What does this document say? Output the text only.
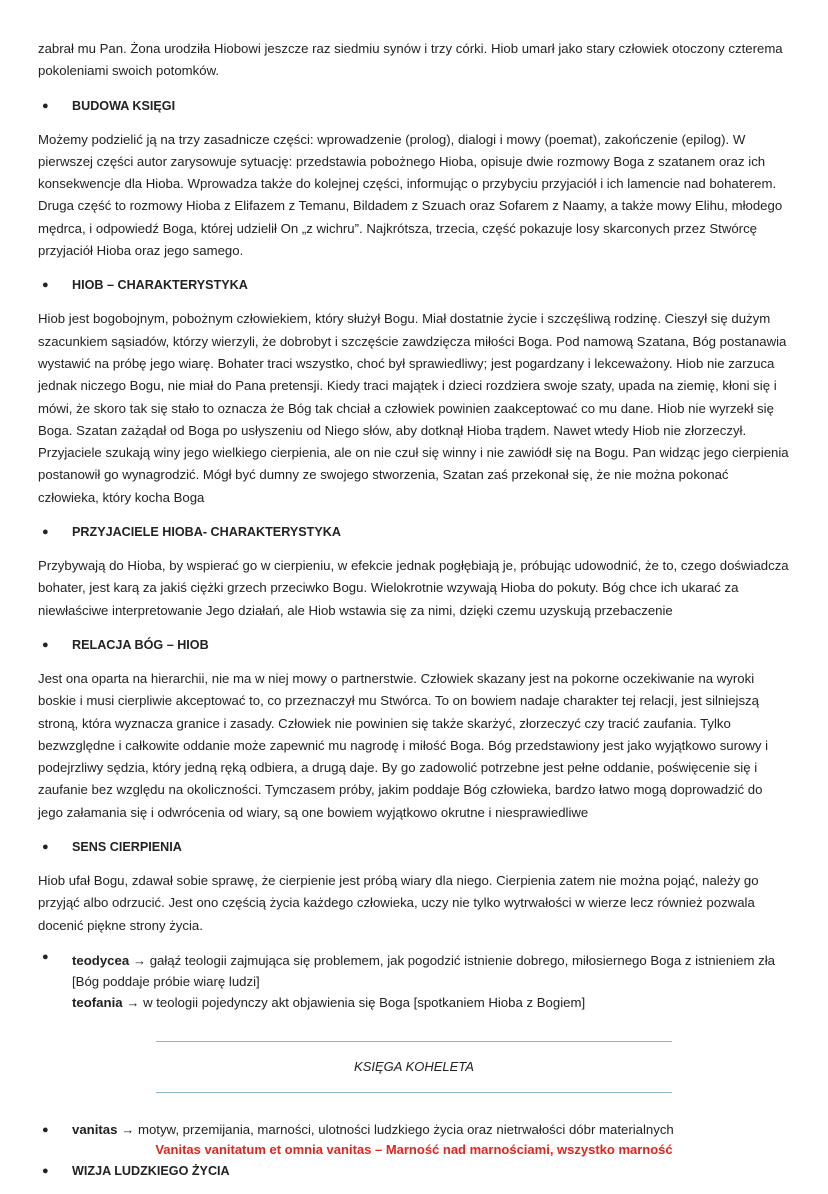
zabrał mu Pan. Żona urodziła Hiobowi jeszcze raz siedmiu synów i trzy córki. Hiob umarł jako stary człowiek otoczony czterema pokoleniami swoich potomków.

●	BUDOWA KSIĘGI

Możemy podzielić ją na trzy zasadnicze części: wprowadzenie (prolog), dialogi i mowy (poemat), zakończenie (epilog). W pierwszej części autor zarysowuje sytuację: przedstawia pobożnego Hioba, opisuje dwie rozmowy Boga z szatanem oraz ich konsekwencje dla Hioba. Wprowadza także do kolejnej części, informując o przybyciu przyjaciół i ich lamencie nad bohaterem. Druga część to rozmowy Hioba z Elifazem z Temanu, Bildadem z Szuach oraz Sofarem z Naamy, a także mowy Elihu, młodego mędrca, i odpowiedź Boga, której udzielił On „z wichru”. Najkrótsza, trzecia, część pokazuje losy skarconych przez Stwórcę przyjaciół Hioba oraz jego samego.

●	HIOB – CHARAKTERYSTYKA

Hiob jest bogobojnym, pobożnym człowiekiem, który służył Bogu. Miał dostatnie życie i szczęśliwą rodzinę. Cieszył się dużym szacunkiem sąsiadów, którzy wierzyli, że dobrobyt i szczęście zawdzięcza miłości Boga. Pod namową Szatana, Bóg postanawia wystawić na próbę jego wiarę. Bohater traci wszystko, choć był sprawiedliwy; jest pogardzany i lekceważony. Hiob nie zarzuca jednak niczego Bogu, nie miał do Pana pretensji. Kiedy traci majątek i dzieci rozdziera swoje szaty, upada na ziemię, kłoni się i mówi, że skoro tak się stało to oznacza że Bóg tak chciał a człowiek powinien zaakceptować co mu dane. Hiob nie wyrzekł się Boga. Szatan zażądał od Boga po usłyszeniu od Niego słów, aby dotknął Hioba trądem. Nawet wtedy Hiob nie złorzeczył. Przyjaciele szukają winy jego wielkiego cierpienia, ale on nie czuł się winny i nie zawiódł się na Bogu. Pan widząc jego cierpienia postanowił go wynagrodzić. Mógł być dumny ze swojego stworzenia, Szatan zaś przekonał się, że nie można pokonać człowieka, który kocha Boga

●	PRZYJACIELE HIOBA- CHARAKTERYSTYKA

Przybywają do Hioba, by wspierać go w cierpieniu, w efekcie jednak pogłębiają je, próbując udowodnić, że to, czego doświadcza bohater, jest karą za jakiś ciężki grzech przeciwko Bogu. Wielokrotnie wzywają Hioba do pokuty. Bóg chce ich ukarać za niewłaściwe interpretowanie Jego działań, ale Hiob wstawia się za nimi, dzięki czemu uzyskują przebaczenie

●	RELACJA BÓG – HIOB

Jest ona oparta na hierarchii, nie ma w niej mowy o partnerstwie. Człowiek skazany jest na pokorne oczekiwanie na wyroki boskie i musi cierpliwie akceptować to, co przeznaczył mu Stwórca. To on bowiem nadaje charakter tej relacji, jest silniejszą stroną, która wyznacza granice i zasady. Człowiek nie powinien się także skarżyć, złorzeczyć czy tracić zaufania. Tylko bezwzględne i całkowite oddanie może zapewnić mu nagrodę i miłość Boga. Bóg przedstawiony jest jako wyjątkowo surowy i podejrzliwy sędzia, który jedną ręką odbiera, a drugą daje. By go zadowolić potrzebne jest pełne oddanie, poświęcenie się i zaufanie bez względu na okoliczności. Tymczasem próby, jakim poddaje Bóg człowieka, bardzo łatwo mogą doprowadzić do jego załamania się i odwrócenia od wiary, są one bowiem wyjątkowo okrutne i niesprawiedliwe

●	SENS CIERPIENIA

Hiob ufał Bogu, zdawał sobie sprawę, że cierpienie jest próbą wiary dla niego. Cierpienia zatem nie można pojąć, należy go przyjąć albo odrzucić. Jest ono częścią życia każdego człowieka, uczy nie tylko wytrwałości w wierze lecz również pozwala docenić piękne strony życia.

●	teodycea → gałąź teologii zajmująca się problemem, jak pogodzić istnienie dobrego, miłosiernego Boga z istnieniem zła [Bóg poddaje próbie wiarę ludzi]

teofania → w teologii pojedynczy akt objawienia się Boga [spotkaniem Hioba z Bogiem]

KSIĘGA KOHELETA
●	vanitas → motyw, przemijania, marności, ulotności ludzkiego życia oraz nietrwałości dóbr materialnych
Vanitas vanitatum et omnia vanitas – Marność nad marnościami, wszystko marność
●	WIZJA LUDZKIEGO ŻYCIA
